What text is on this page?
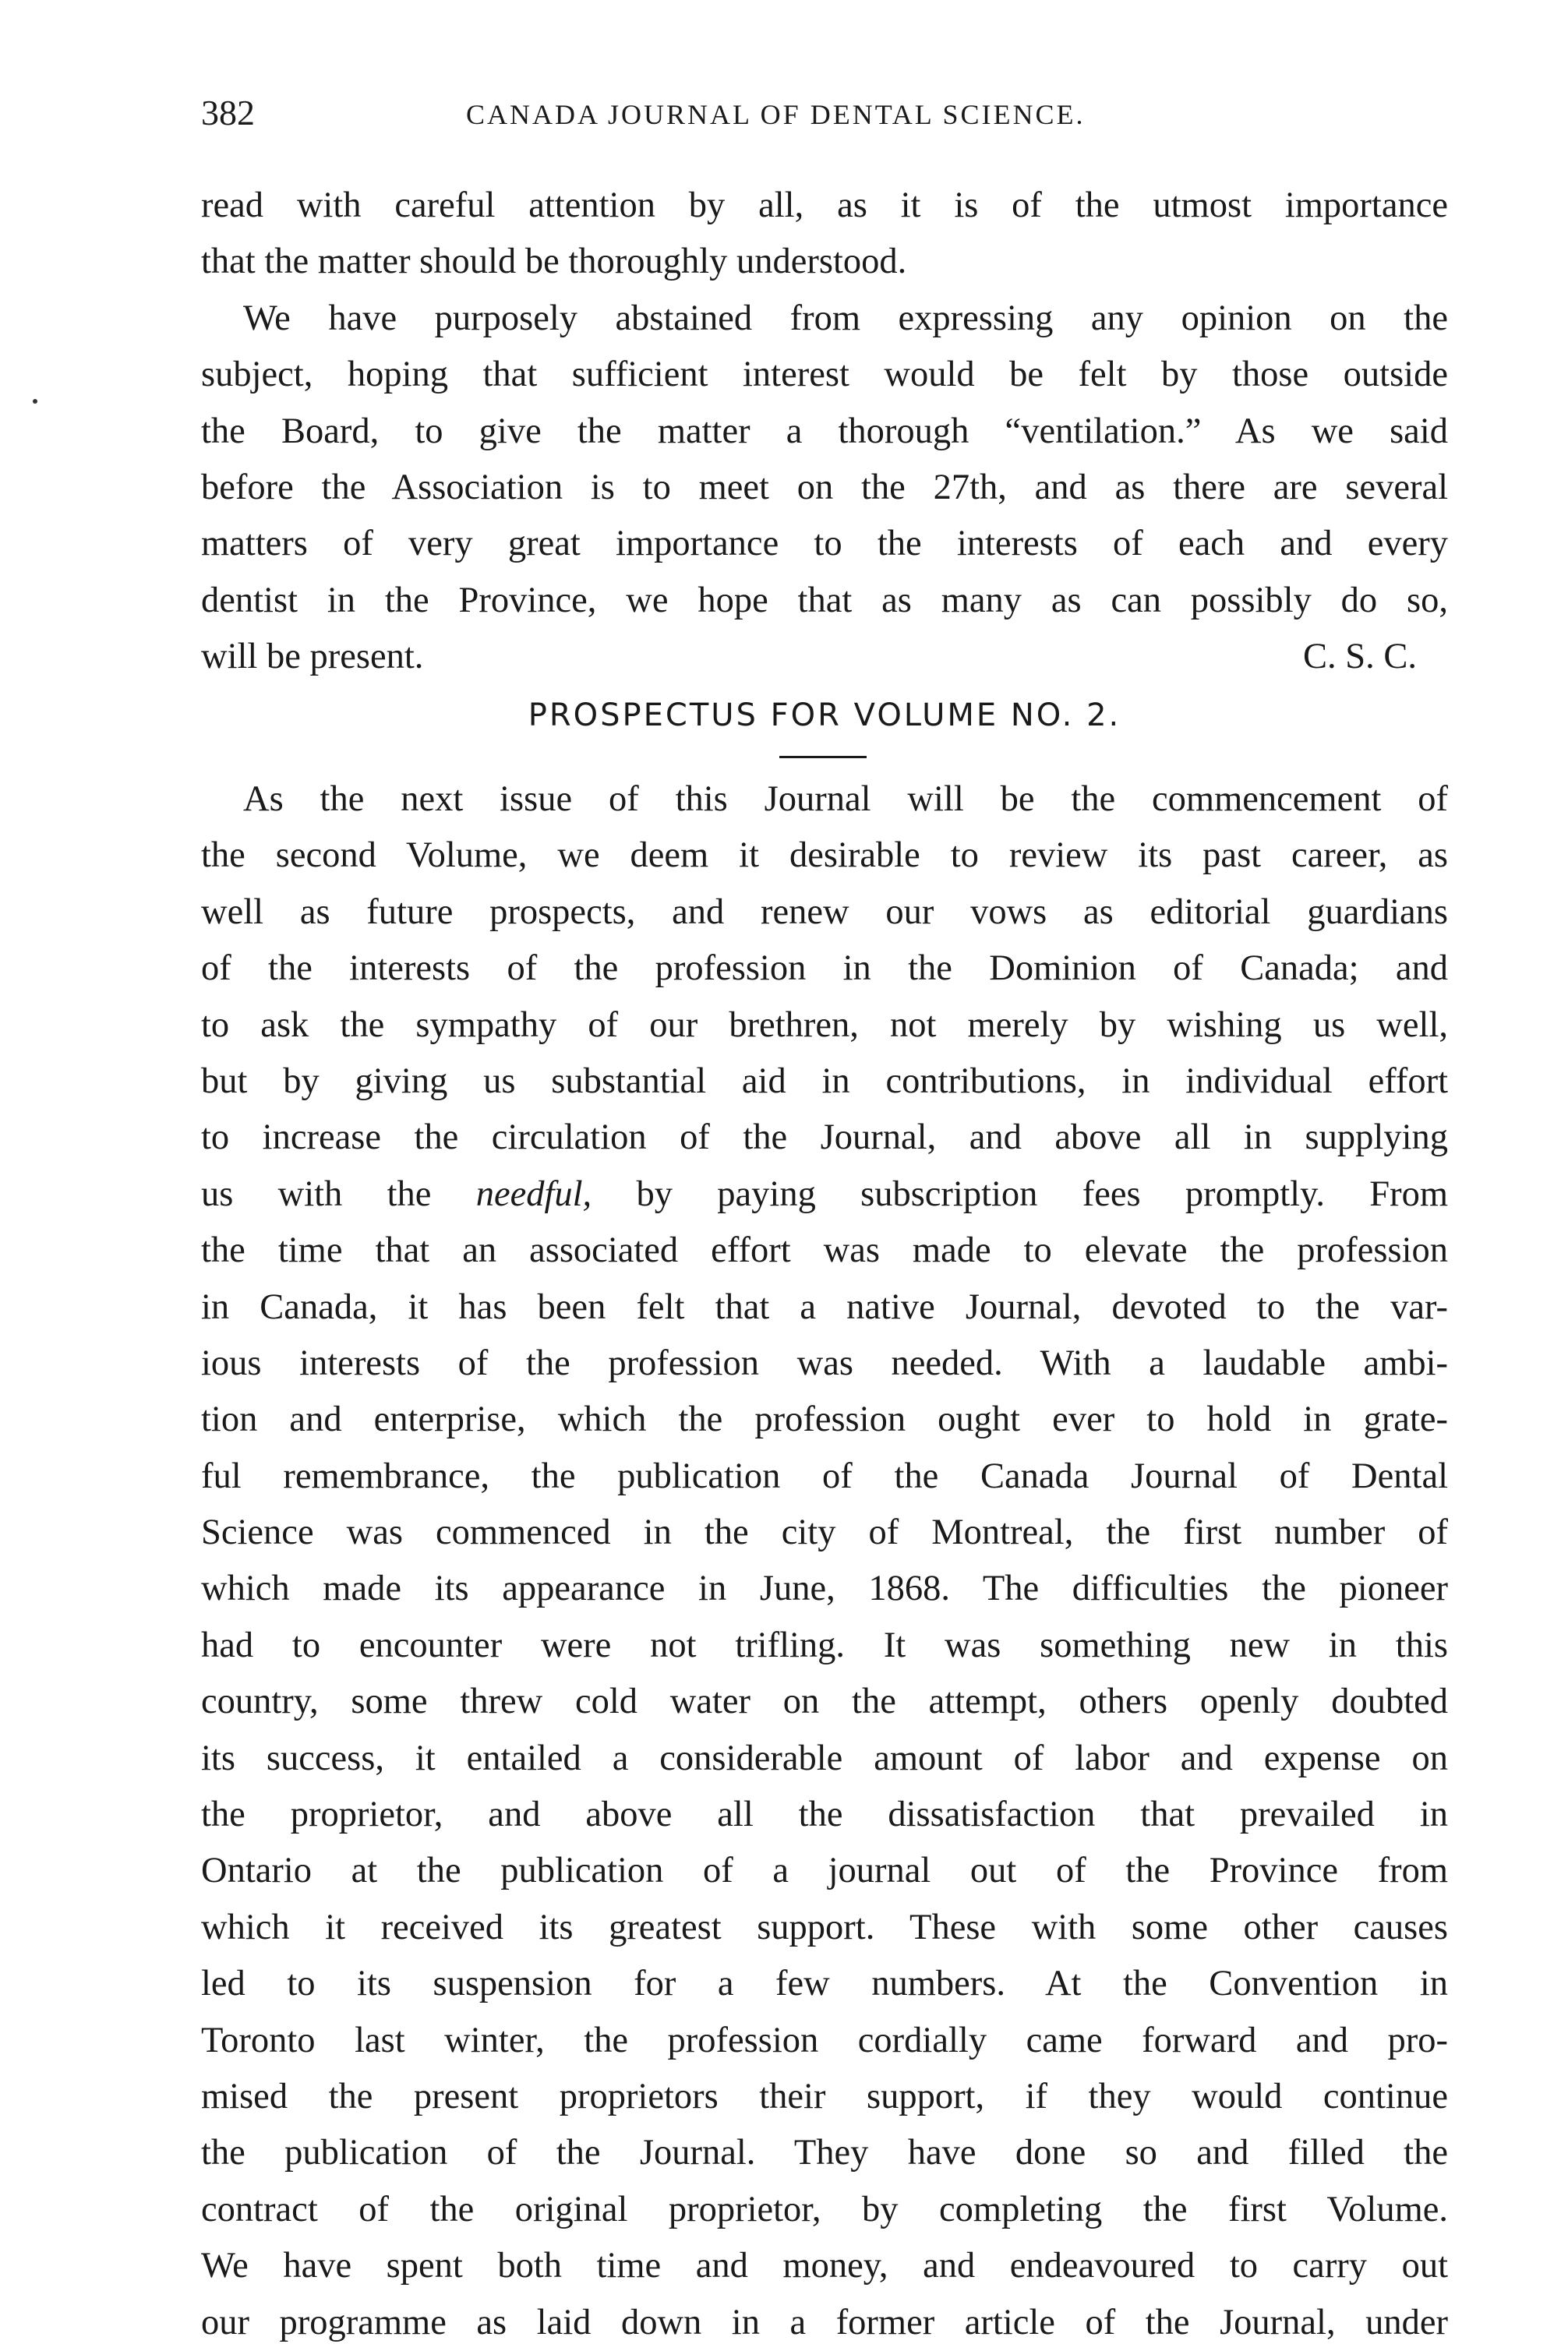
382	CANADA JOURNAL OF DENTAL SCIENCE.
read with careful attention by all, as it is of the utmost importance
that the matter should be thoroughly understood.
We have purposely abstained from expressing any opinion on the
subject, hoping that sufficient interest would be felt by those outside
the Board, to give the matter a thorough “ventilation.” As we said
before the Association is to meet on the 27th, and as there are several
matters of very great importance to the interests of each and every
dentist in the Province, we hope that as many as can possibly do so,
will be present.	C. S. C.
PROSPECTUS FOR VOLUME NO. 2.
As the next issue of this Journal will be the commencement of
the second Volume, we deem it desirable to review its past career, as
well as future prospects, and renew our vows as editorial guardians
of the interests of the profession in the Dominion of Canada; and
to ask the sympathy of our brethren, not merely by wishing us well,
but by giving us substantial aid in contributions, in individual effort
to increase the circulation of the Journal, and above all in supplying
us with the needful, by paying subscription fees promptly. From
the time that an associated effort was made to elevate the profession
in Canada, it has been felt that a native Journal, devoted to the var-
ious interests of the profession was needed. With a laudable ambi-
tion and enterprise, which the profession ought ever to hold in grate-
ful remembrance, the publication of the Canada Journal of Dental
Science was commenced in the city of Montreal, the first number of
which made its appearance in June, 1868. The difficulties the pioneer
had to encounter were not trifling. It was something new in this
country, some threw cold water on the attempt, others openly doubted
its success, it entailed a considerable amount of labor and expense on
the proprietor, and above all the dissatisfaction that prevailed in
Ontario at the publication of a journal out of the Province from
which it received its greatest support. These with some other causes
led to its suspension for a few numbers. At the Convention in
Toronto last winter, the profession cordially came forward and pro-
mised the present proprietors their support, if they would continue
the publication of the Journal. They have done so and filled the
contract of the original proprietor, by completing the first Volume.
We have spent both time and money, and endeavoured to carry out
our programme as laid down in a former article of the Journal, under
